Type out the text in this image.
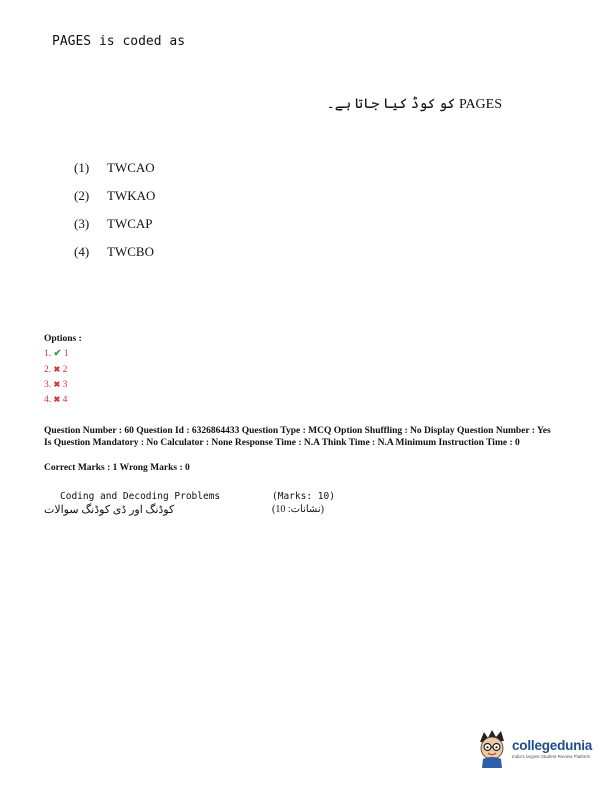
PAGES is coded as
PAGES کو کوڈ کیا جاتا ہے۔
(1) TWCAO
(2) TWKAO
(3) TWCAP
(4) TWCBO
Options :
1. ✔ 1
2. ✖ 2
3. ✖ 3
4. ✖ 4
Question Number : 60 Question Id : 6326864433 Question Type : MCQ Option Shuffling : No Display Question Number : Yes Is Question Mandatory : No Calculator : None Response Time : N.A Think Time : N.A Minimum Instruction Time : 0
Correct Marks : 1 Wrong Marks : 0
Coding and Decoding Problems
کوڈنگ اور ڈی کوڈنگ سوالات
(Marks: 10)
(نشانات: 10)
collegedunia
India's largest Student Review Platform
